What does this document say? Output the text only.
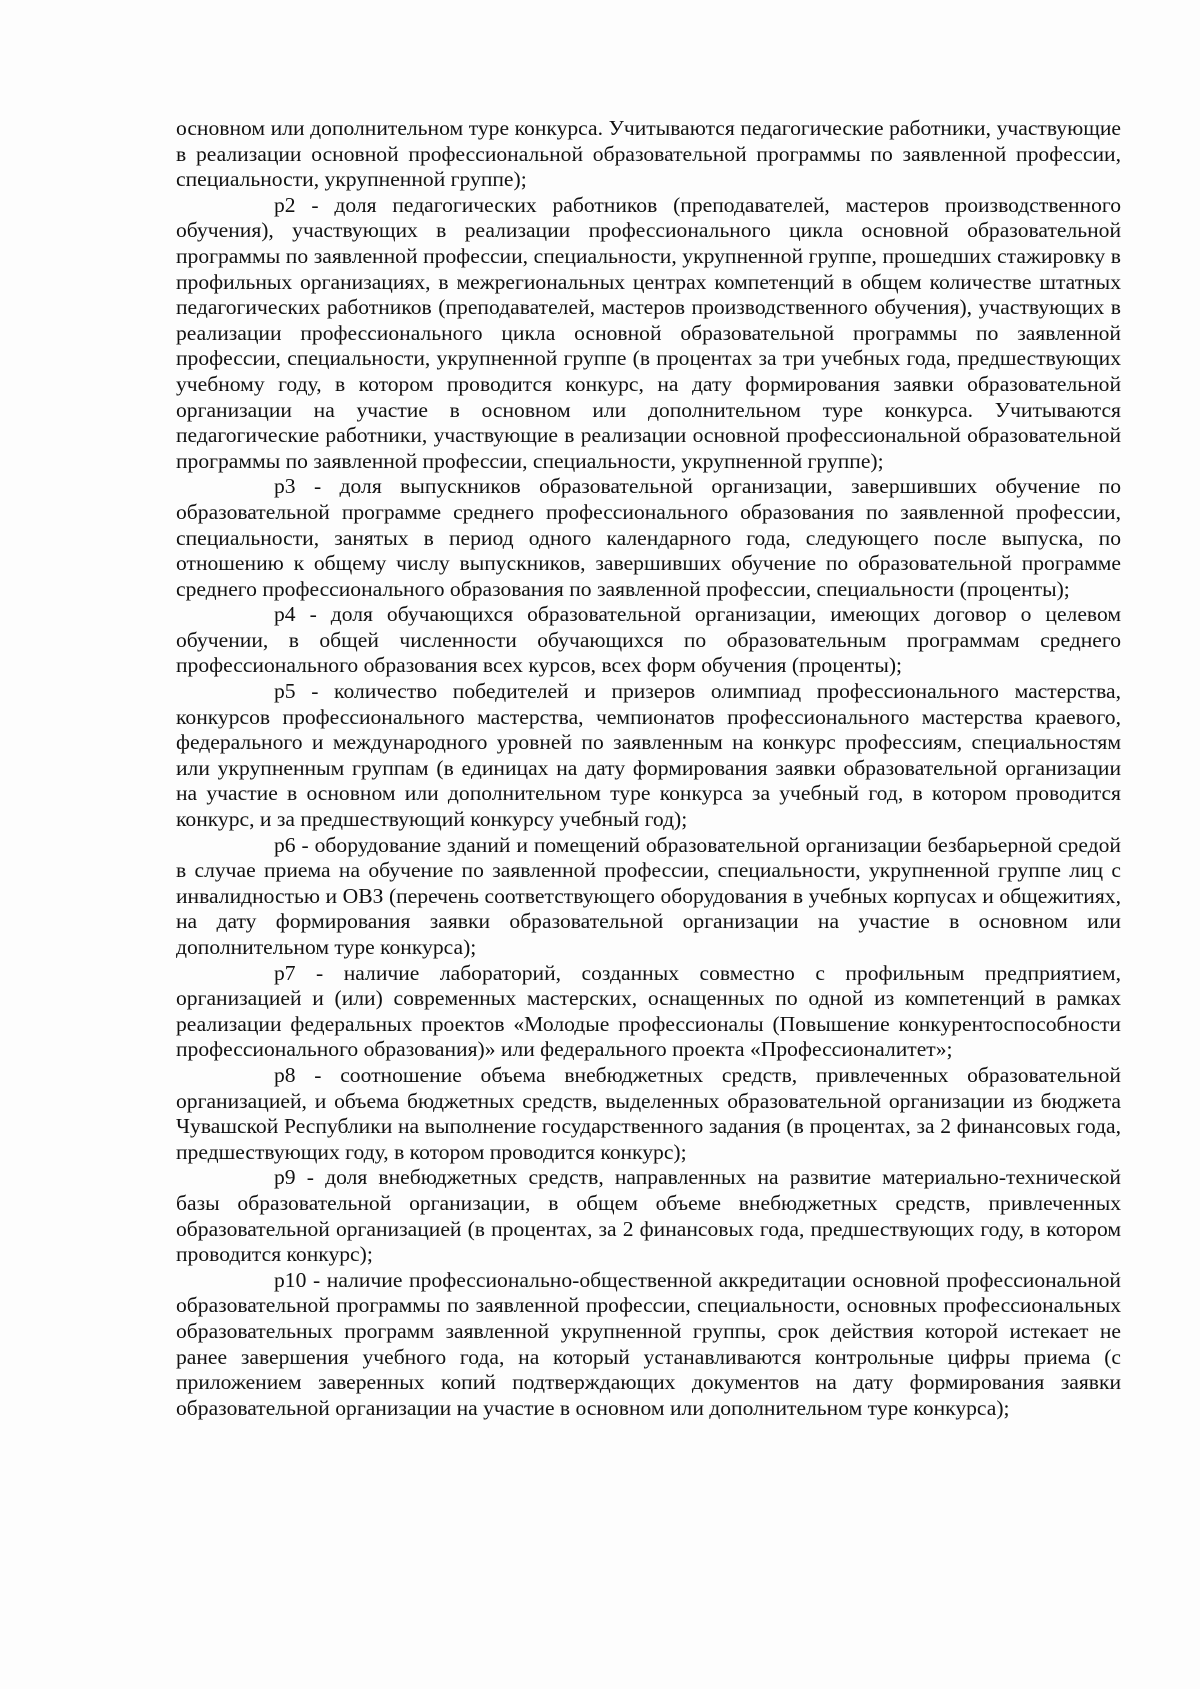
основном или дополнительном туре конкурса. Учитываются педагогические работники, участвующие в реализации основной профессиональной образовательной программы по заявленной профессии, специальности, укрупненной группе);

p2 - доля педагогических работников (преподавателей, мастеров производственного обучения), участвующих в реализации профессионального цикла основной образовательной программы по заявленной профессии, специальности, укрупненной группе, прошедших стажировку в профильных организациях, в межрегиональных центрах компетенций в общем количестве штатных педагогических работников (преподавателей, мастеров производственного обучения), участвующих в реализации профессионального цикла основной образовательной программы по заявленной профессии, специальности, укрупненной группе (в процентах за три учебных года, предшествующих учебному году, в котором проводится конкурс, на дату формирования заявки образовательной организации на участие в основном или дополнительном туре конкурса. Учитываются педагогические работники, участвующие в реализации основной профессиональной образовательной программы по заявленной профессии, специальности, укрупненной группе);

p3 - доля выпускников образовательной организации, завершивших обучение по образовательной программе среднего профессионального образования по заявленной профессии, специальности, занятых в период одного календарного года, следующего после выпуска, по отношению к общему числу выпускников, завершивших обучение по образовательной программе среднего профессионального образования по заявленной профессии, специальности (проценты);

p4 - доля обучающихся образовательной организации, имеющих договор о целевом обучении, в общей численности обучающихся по образовательным программам среднего профессионального образования всех курсов, всех форм обучения (проценты);

p5 - количество победителей и призеров олимпиад профессионального мастерства, конкурсов профессионального мастерства, чемпионатов профессионального мастерства краевого, федерального и международного уровней по заявленным на конкурс профессиям, специальностям или укрупненным группам (в единицах на дату формирования заявки образовательной организации на участие в основном или дополнительном туре конкурса за учебный год, в котором проводится конкурс, и за предшествующий конкурсу учебный год);

p6 - оборудование зданий и помещений образовательной организации безбарьерной средой в случае приема на обучение по заявленной профессии, специальности, укрупненной группе лиц с инвалидностью и ОВЗ (перечень соответствующего оборудования в учебных корпусах и общежитиях, на дату формирования заявки образовательной организации на участие в основном или дополнительном туре конкурса);

p7 - наличие лабораторий, созданных совместно с профильным предприятием, организацией и (или) современных мастерских, оснащенных по одной из компетенций в рамках реализации федеральных проектов «Молодые профессионалы (Повышение конкурентоспособности профессионального образования)» или федерального проекта «Профессионалитет»;

p8 - соотношение объема внебюджетных средств, привлеченных образовательной организацией, и объема бюджетных средств, выделенных образовательной организации из бюджета Чувашской Республики на выполнение государственного задания (в процентах, за 2 финансовых года, предшествующих году, в котором проводится конкурс);

p9 - доля внебюджетных средств, направленных на развитие материально-технической базы образовательной организации, в общем объеме внебюджетных средств, привлеченных образовательной организацией (в процентах, за 2 финансовых года, предшествующих году, в котором проводится конкурс);

p10 - наличие профессионально-общественной аккредитации основной профессиональной образовательной программы по заявленной профессии, специальности, основных профессиональных образовательных программ заявленной укрупненной группы, срок действия которой истекает не ранее завершения учебного года, на который устанавливаются контрольные цифры приема (с приложением заверенных копий подтверждающих документов на дату формирования заявки образовательной организации на участие в основном или дополнительном туре конкурса);
